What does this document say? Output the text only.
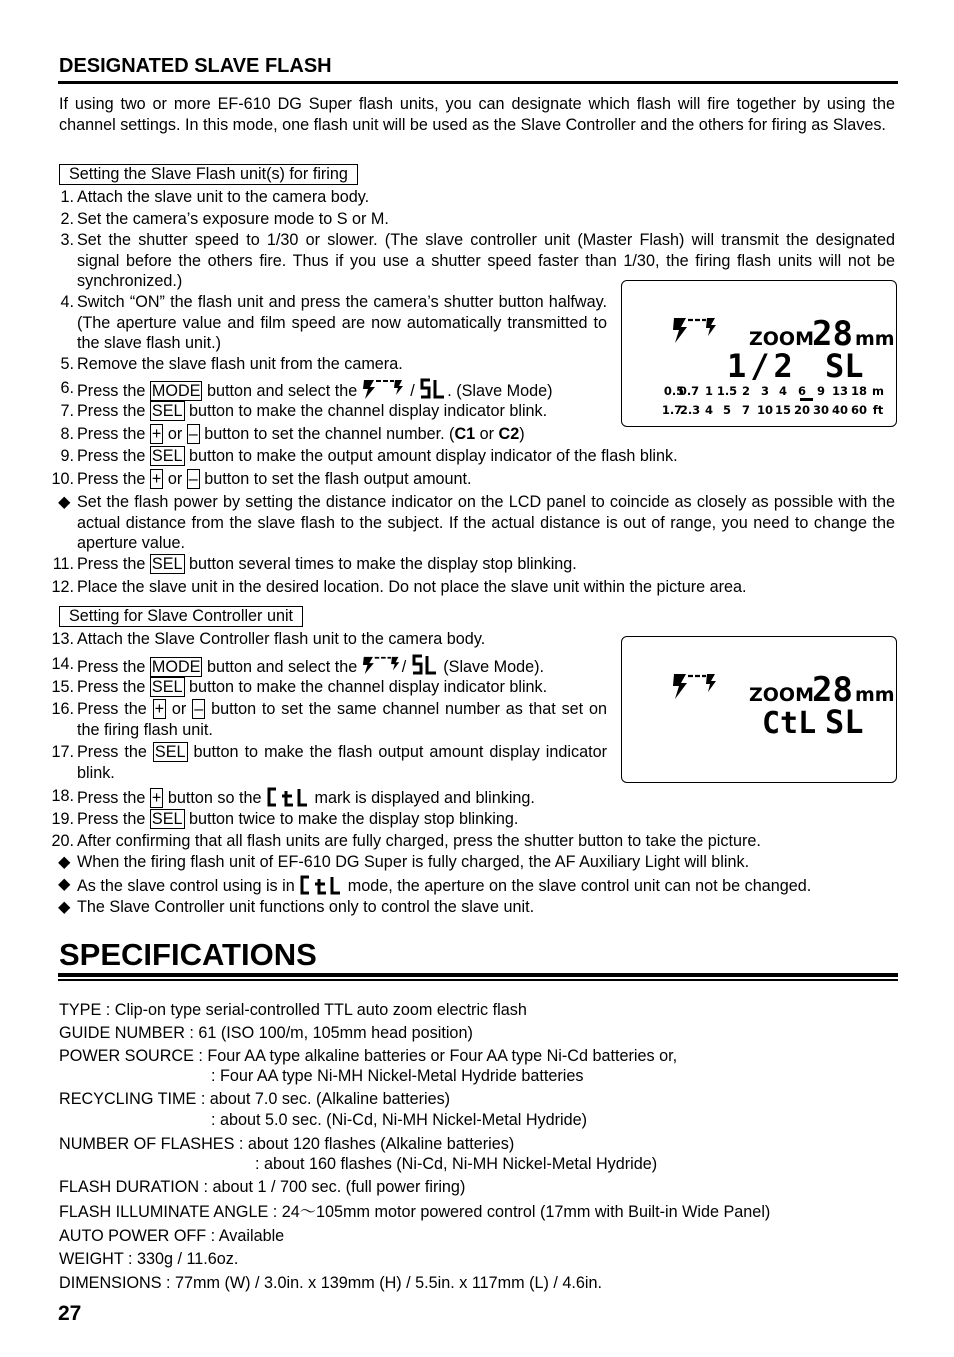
DESIGNATED SLAVE FLASH
If using two or more EF-610 DG Super flash units, you can designate which flash will fire together by using the channel settings. In this mode, one flash unit will be used as the Slave Controller and the others for firing as Slaves.
Setting the Slave Flash unit(s) for firing
1. Attach the slave unit to the camera body.
2. Set the camera’s exposure mode to S or M.
3. Set the shutter speed to 1/30 or slower. (The slave controller unit (Master Flash) will transmit the designated signal before the others fire. Thus if you use a shutter speed faster than 1/30, the firing flash units will not be synchronized.)
4. Switch “ON” the flash unit and press the camera’s shutter button halfway. (The aperture value and film speed are now automatically transmitted to the slave flash unit.)
5. Remove the slave flash unit from the camera.
6. Press the MODE button and select the	/ . (Slave Mode)
7. Press the SEL button to make the channel display indicator blink.
8. Press the + or – button to set the channel number. (C1 or C2)
9. Press the SEL button to make the output amount display indicator of the flash blink.
10. Press the + or – button to set the flash output amount.
◆ Set the flash power by setting the distance indicator on the LCD panel to coincide as closely as possible with the actual distance from the slave flash to the subject. If the actual distance is out of range, you need to change the aperture value.
11. Press the SEL button several times to make the display stop blinking.
12. Place the slave unit in the desired location. Do not place the slave unit within the picture area.
ZOOM
28 mm
1/2 SL
0.5
0.7 1 1.5 2 3 4 6 9 13 18 m
1.7
2.3 4 5 7 10 15 20 30 40 60 ft
Setting for Slave Controller unit
13. Attach the Slave Controller flash unit to the camera body.
14. Press the MODE button and select the	/ (Slave Mode).
15. Press the SEL button to make the channel display indicator blink.
16. Press the + or – button to set the same channel number as that set on the firing flash unit.
17. Press the SEL button to make the flash output amount display indicator blink.
18. Press the + button so the	mark is displayed and blinking.
19. Press the SEL button twice to make the display stop blinking.
20. After confirming that all flash units are fully charged, press the shutter button to take the picture.
◆ When the firing flash unit of EF-610 DG Super is fully charged, the AF Auxiliary Light will blink.
◆ As the slave control using is in	mode, the aperture on the slave control unit can not be changed.
◆ The Slave Controller unit functions only to control the slave unit.
ZOOM
28 mm
CtL SL
SPECIFICATIONS
TYPE : Clip-on type serial-controlled TTL auto zoom electric flash
GUIDE NUMBER : 61 (ISO 100/m, 105mm head position)
POWER SOURCE : Four AA type alkaline batteries or Four AA type Ni-Cd batteries or,
: Four AA type Ni-MH Nickel-Metal Hydride batteries
RECYCLING TIME : about 7.0 sec. (Alkaline batteries)
: about 5.0 sec. (Ni-Cd, Ni-MH Nickel-Metal Hydride)
NUMBER OF FLASHES : about 120 flashes (Alkaline batteries)
: about 160 flashes (Ni-Cd, Ni-MH Nickel-Metal Hydride)
FLASH DURATION : about 1 / 700 sec. (full power firing)
FLASH ILLUMINATE ANGLE : 24～105mm motor powered control (17mm with Built-in Wide Panel)
AUTO POWER OFF : Available
WEIGHT : 330g / 11.6oz.
DIMENSIONS : 77mm (W) / 3.0in. x 139mm (H) / 5.5in. x 117mm (L) / 4.6in.
27
